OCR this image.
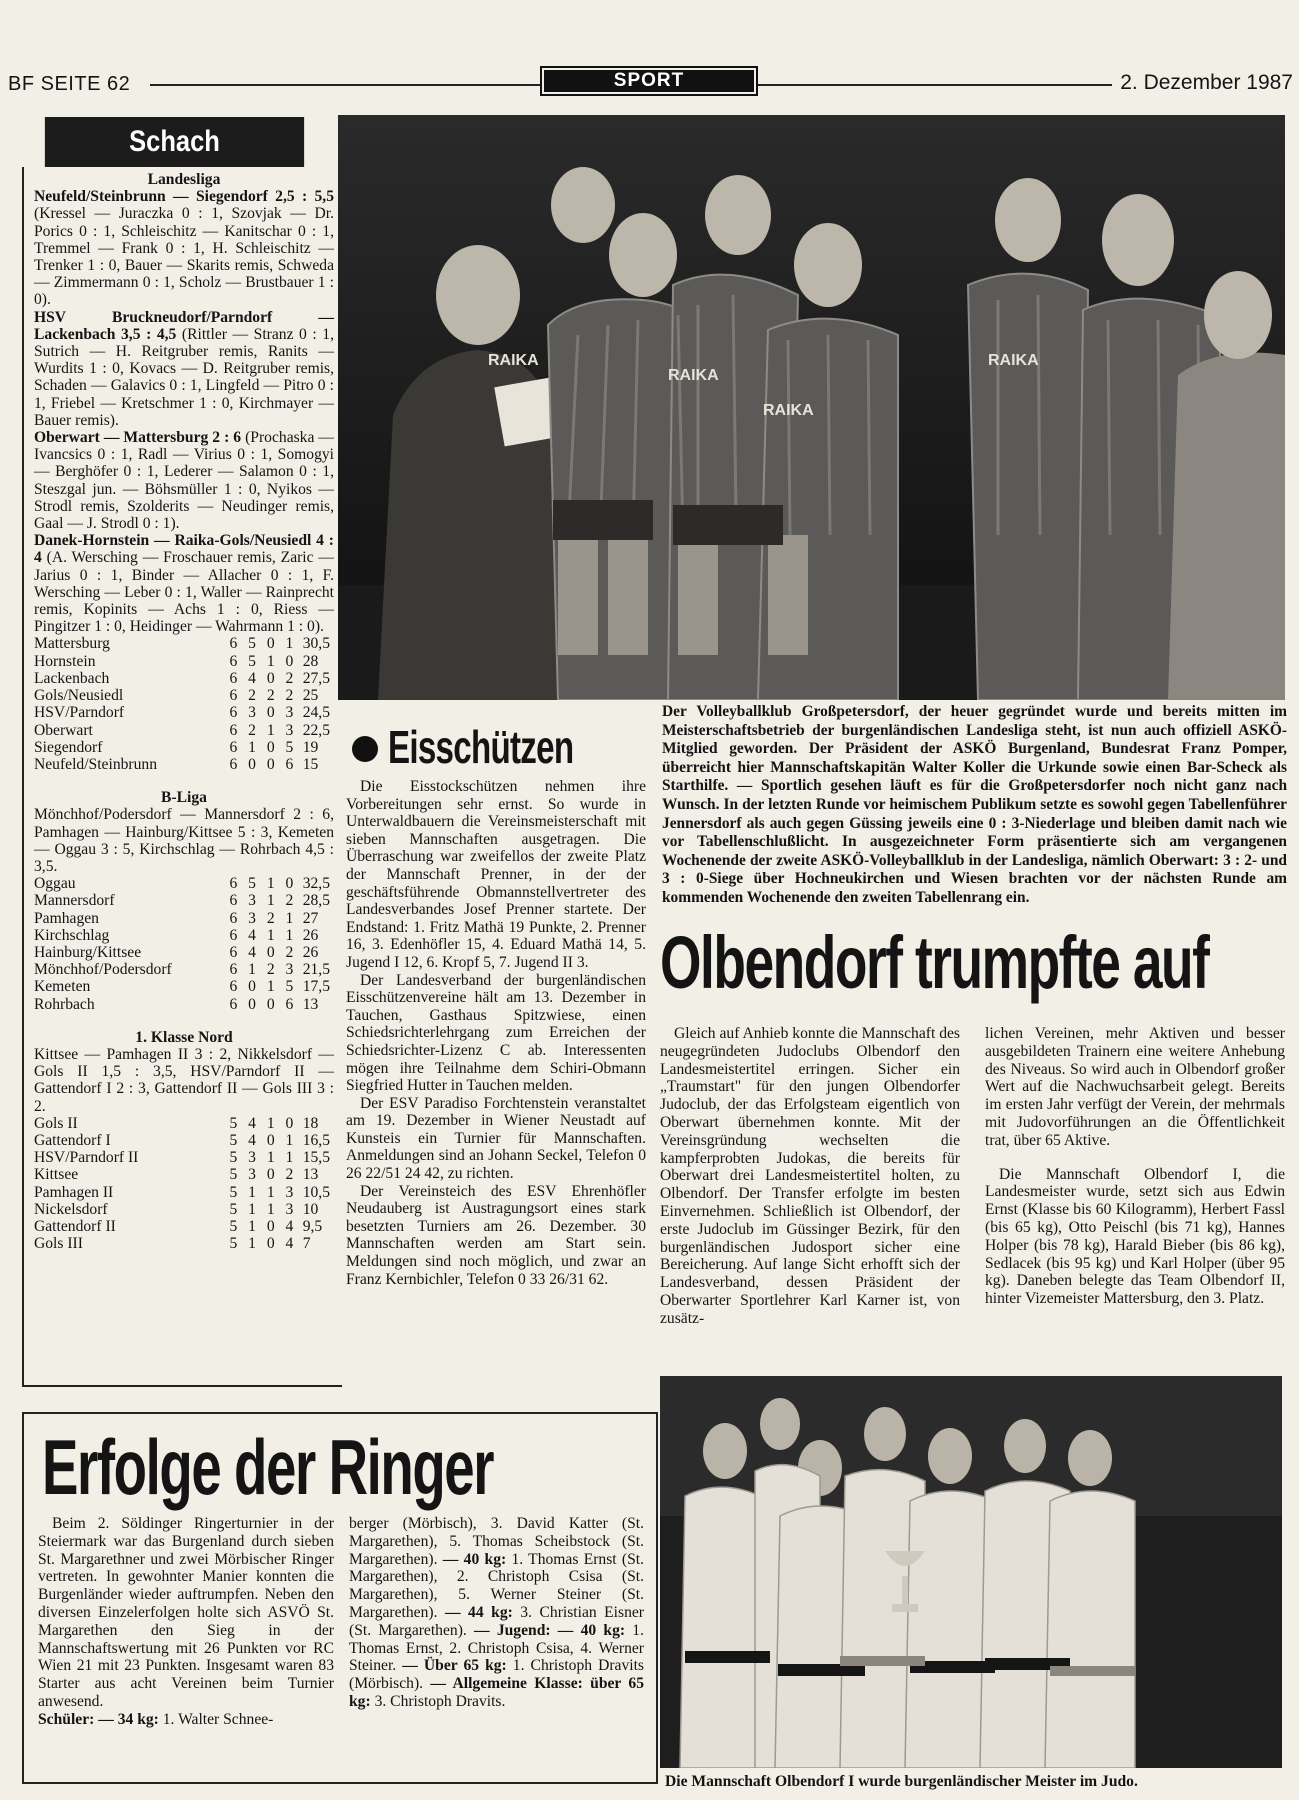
BF SEITE 62	SPORT	2. Dezember 1987
Schach
Landesliga
Neufeld/Steinbrunn — Siegendorf 2,5 : 5,5 (Kressel — Juraczka 0 : 1, Szovjak — Dr. Porics 0 : 1, Schleischitz — Kanitschar 0 : 1, Tremmel — Frank 0 : 1, H. Schleischitz — Trenker 1 : 0, Bauer — Skarits remis, Schweda — Zimmermann 0 : 1, Scholz — Brustbauer 1 : 0).
HSV Bruckneudorf/Parndorf — Lackenbach 3,5 : 4,5 (Rittler — Stranz 0 : 1, Sutrich — H. Reitgruber remis, Ranits — Wurdits 1 : 0, Kovacs — D. Reitgruber remis, Schaden — Galavics 0 : 1, Lingfeld — Pitro 0 : 1, Friebel — Kretschmer 1 : 0, Kirchmayer — Bauer remis).
Oberwart — Mattersburg 2 : 6 (Prochaska — Ivancsics 0 : 1, Radl — Virius 0 : 1, Somogyi — Berghöfer 0 : 1, Lederer — Salamon 0 : 1, Steszgal jun. — Böhsmüller 1 : 0, Nyikos — Strodl remis, Szolderits — Neudinger remis, Gaal — J. Strodl 0 : 1).
Danek-Hornstein — Raika-Gols/Neusiedl 4 : 4 (A. Wersching — Froschauer remis, Zaric — Jarius 0 : 1, Binder — Allacher 0 : 1, F. Wersching — Leber 0 : 1, Waller — Rainprecht remis, Kopinits — Achs 1 : 0, Riess — Pingitzer 1 : 0, Heidinger — Wahrmann 1 : 0).
Mattersburg	6	5	0	1	30,5
Hornstein	6	5	1	0	28
Lackenbach	6	4	0	2	27,5
Gols/Neusiedl	6	2	2	2	25
HSV/Parndorf	6	3	0	3	24,5
Oberwart	6	2	1	3	22,5
Siegendorf	6	1	0	5	19
Neufeld/Steinbrunn	6	0	0	6	15
B-Liga
Mönchhof/Podersdorf — Mannersdorf 2 : 6, Pamhagen — Hainburg/Kittsee 5 : 3, Kemeten — Oggau 3 : 5, Kirchschlag — Rohrbach 4,5 : 3,5.
Oggau	6	5	1	0	32,5
Mannersdorf	6	3	1	2	28,5
Pamhagen	6	3	2	1	27
Kirchschlag	6	4	1	1	26
Hainburg/Kittsee	6	4	0	2	26
Mönchhof/Podersdorf	6	1	2	3	21,5
Kemeten	6	0	1	5	17,5
Rohrbach	6	0	0	6	13
1. Klasse Nord
Kittsee — Pamhagen II 3 : 2, Nikkelsdorf — Gols II 1,5 : 3,5, HSV/Parndorf II — Gattendorf I 2 : 3, Gattendorf II — Gols III 3 : 2.
Gols II	5	4	1	0	18
Gattendorf I	5	4	0	1	16,5
HSV/Parndorf II	5	3	1	1	15,5
Kittsee	5	3	0	2	13
Pamhagen II	5	1	1	3	10,5
Nickelsdorf	5	1	1	3	10
Gattendorf II	5	1	0	4	9,5
Gols III	5	1	0	4	7
RAIKA
RAIKA
RAIKA
RAIKA
Der Volleyballklub Großpetersdorf, der heuer gegründet wurde und bereits mitten im Meisterschaftsbetrieb der burgenländischen Landesliga steht, ist nun auch offiziell ASKÖ-Mitglied geworden. Der Präsident der ASKÖ Burgenland, Bundesrat Franz Pomper, überreicht hier Mannschaftskapitän Walter Koller die Urkunde sowie einen Bar-Scheck als Starthilfe. — Sportlich gesehen läuft es für die Großpetersdorfer noch nicht ganz nach Wunsch. In der letzten Runde vor heimischem Publikum setzte es sowohl gegen Tabellenführer Jennersdorf als auch gegen Güssing jeweils eine 0 : 3-Niederlage und bleiben damit nach wie vor Tabellenschlußlicht. In ausgezeichneter Form präsentierte sich am vergangenen Wochenende der zweite ASKÖ-Volleyballklub in der Landesliga, nämlich Oberwart: 3 : 2- und 3 : 0-Siege über Hochneukirchen und Wiesen brachten vor der nächsten Runde am kommenden Wochenende den zweiten Tabellenrang ein.
Eisschützen

Die Eisstockschützen nehmen ihre Vorbereitungen sehr ernst. So wurde in Unterwaldbauern die Vereinsmeisterschaft mit sieben Mannschaften ausgetragen. Die Überraschung war zweifellos der zweite Platz der Mannschaft Prenner, in der der geschäftsführende Obmannstellvertreter des Landesverbandes Josef Prenner startete. Der Endstand: 1. Fritz Mathä 19 Punkte, 2. Prenner 16, 3. Edenhöfler 15, 4. Eduard Mathä 14, 5. Jugend I 12, 6. Kropf 5, 7. Jugend II 3.

Der Landesverband der burgenländischen Eisschützenvereine hält am 13. Dezember in Tauchen, Gasthaus Spitzwiese, einen Schiedsrichterlehrgang zum Erreichen der Schiedsrichter-Lizenz C ab. Interessenten mögen ihre Teilnahme dem Schiri-Obmann Siegfried Hutter in Tauchen melden.

Der ESV Paradiso Forchtenstein veranstaltet am 19. Dezember in Wiener Neustadt auf Kunsteis ein Turnier für Mannschaften. Anmeldungen sind an Johann Seckel, Telefon 0 26 22/51 24 42, zu richten.

Der Vereinsteich des ESV Ehrenhöfler Neudauberg ist Austragungsort eines stark besetzten Turniers am 26. Dezember. 30 Mannschaften werden am Start sein. Meldungen sind noch möglich, und zwar an Franz Kernbichler, Telefon 0 33 26/31 62.

Olbendorf trumpfte auf

Gleich auf Anhieb konnte die Mannschaft des neugegründeten Judoclubs Olbendorf den Landesmeistertitel erringen. Sicher ein „Traumstart" für den jungen Olbendorfer Judoclub, der das Erfolgsteam eigentlich von Oberwart übernehmen konnte. Mit der Vereinsgründung wechselten die kampferprobten Judokas, die bereits für Oberwart drei Landesmeistertitel holten, zu Olbendorf. Der Transfer erfolgte im besten Einvernehmen. Schließlich ist Olbendorf, der erste Judoclub im Güssinger Bezirk, für den burgenländischen Judosport sicher eine Bereicherung. Auf lange Sicht erhofft sich der Landesverband, dessen Präsident der Oberwarter Sportlehrer Karl Karner ist, von zusätz-

lichen Vereinen, mehr Aktiven und besser ausgebildeten Trainern eine weitere Anhebung des Niveaus. So wird auch in Olbendorf großer Wert auf die Nachwuchsarbeit gelegt. Bereits im ersten Jahr verfügt der Verein, der mehrmals mit Judovorführungen an die Öffentlichkeit trat, über 65 Aktive.

Die Mannschaft Olbendorf I, die Landesmeister wurde, setzt sich aus Edwin Ernst (Klasse bis 60 Kilogramm), Herbert Fassl (bis 65 kg), Otto Peischl (bis 71 kg), Hannes Holper (bis 78 kg), Harald Bieber (bis 86 kg), Sedlacek (bis 95 kg) und Karl Holper (über 95 kg). Daneben belegte das Team Olbendorf II, hinter Vizemeister Mattersburg, den 3. Platz.

Die Mannschaft Olbendorf I wurde burgenländischer Meister im Judo.
Erfolge der Ringer

Beim 2. Söldinger Ringerturnier in der Steiermark war das Burgenland durch sieben St. Margarethner und zwei Mörbischer Ringer vertreten. In gewohnter Manier konnten die Burgenländer wieder auftrumpfen. Neben den diversen Einzelerfolgen holte sich ASVÖ St. Margarethen den Sieg in der Mannschaftswertung mit 26 Punkten vor RC Wien 21 mit 23 Punkten. Insgesamt waren 83 Starter aus acht Vereinen beim Turnier anwesend.

Schüler: — 34 kg: 1. Walter Schnee-
berger (Mörbisch), 3. David Katter (St. Margarethen), 5. Thomas Scheibstock (St. Margarethen). — 40 kg: 1. Thomas Ernst (St. Margarethen), 2. Christoph Csisa (St. Margarethen), 5. Werner Steiner (St. Margarethen). — 44 kg: 3. Christian Eisner (St. Margarethen). — Jugend: — 40 kg: 1. Thomas Ernst, 2. Christoph Csisa, 4. Werner Steiner. — Über 65 kg: 1. Christoph Dravits (Mörbisch). — Allgemeine Klasse: über 65 kg: 3. Christoph Dravits.
